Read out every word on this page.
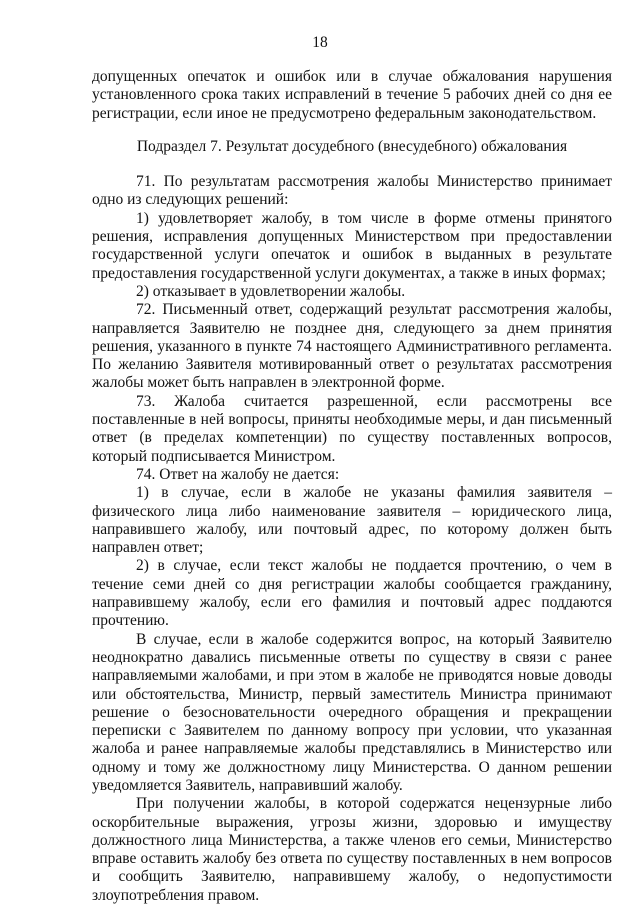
18

допущенных опечаток и ошибок или в случае обжалования нарушения установленного срока таких исправлений в течение 5 рабочих дней со дня ее регистрации, если иное не предусмотрено федеральным законодательством.

Подраздел 7. Результат досудебного (внесудебного) обжалования

71. По результатам рассмотрения жалобы Министерство принимает одно из следующих решений:

1) удовлетворяет жалобу, в том числе в форме отмены принятого решения, исправления допущенных Министерством при предоставлении государственной услуги опечаток и ошибок в выданных в результате предоставления государственной услуги документах, а также в иных формах;

2) отказывает в удовлетворении жалобы.

72. Письменный ответ, содержащий результат рассмотрения жалобы, направляется Заявителю не позднее дня, следующего за днем принятия решения, указанного в пункте 74 настоящего Административного регламента. По желанию Заявителя мотивированный ответ о результатах рассмотрения жалобы может быть направлен в электронной форме.

73. Жалоба считается разрешенной, если рассмотрены все поставленные в ней вопросы, приняты необходимые меры, и дан письменный ответ (в пределах компетенции) по существу поставленных вопросов, который подписывается Министром.

74. Ответ на жалобу не дается:

1) в случае, если в жалобе не указаны фамилия заявителя – физического лица либо наименование заявителя – юридического лица, направившего жалобу, или почтовый адрес, по которому должен быть направлен ответ;

2) в случае, если текст жалобы не поддается прочтению, о чем в течение семи дней со дня регистрации жалобы сообщается гражданину, направившему жалобу, если его фамилия и почтовый адрес поддаются прочтению.

В случае, если в жалобе содержится вопрос, на который Заявителю неоднократно давались письменные ответы по существу в связи с ранее направляемыми жалобами, и при этом в жалобе не приводятся новые доводы или обстоятельства, Министр, первый заместитель Министра принимают решение о безосновательности очередного обращения и прекращении переписки с Заявителем по данному вопросу при условии, что указанная жалоба и ранее направляемые жалобы представлялись в Министерство или одному и тому же должностному лицу Министерства. О данном решении уведомляется Заявитель, направивший жалобу.

При получении жалобы, в которой содержатся нецензурные либо оскорбительные выражения, угрозы жизни, здоровью и имуществу должностного лица Министерства, а также членов его семьи, Министерство вправе оставить жалобу без ответа по существу поставленных в нем вопросов и сообщить Заявителю, направившему жалобу, о недопустимости злоупотребления правом.
